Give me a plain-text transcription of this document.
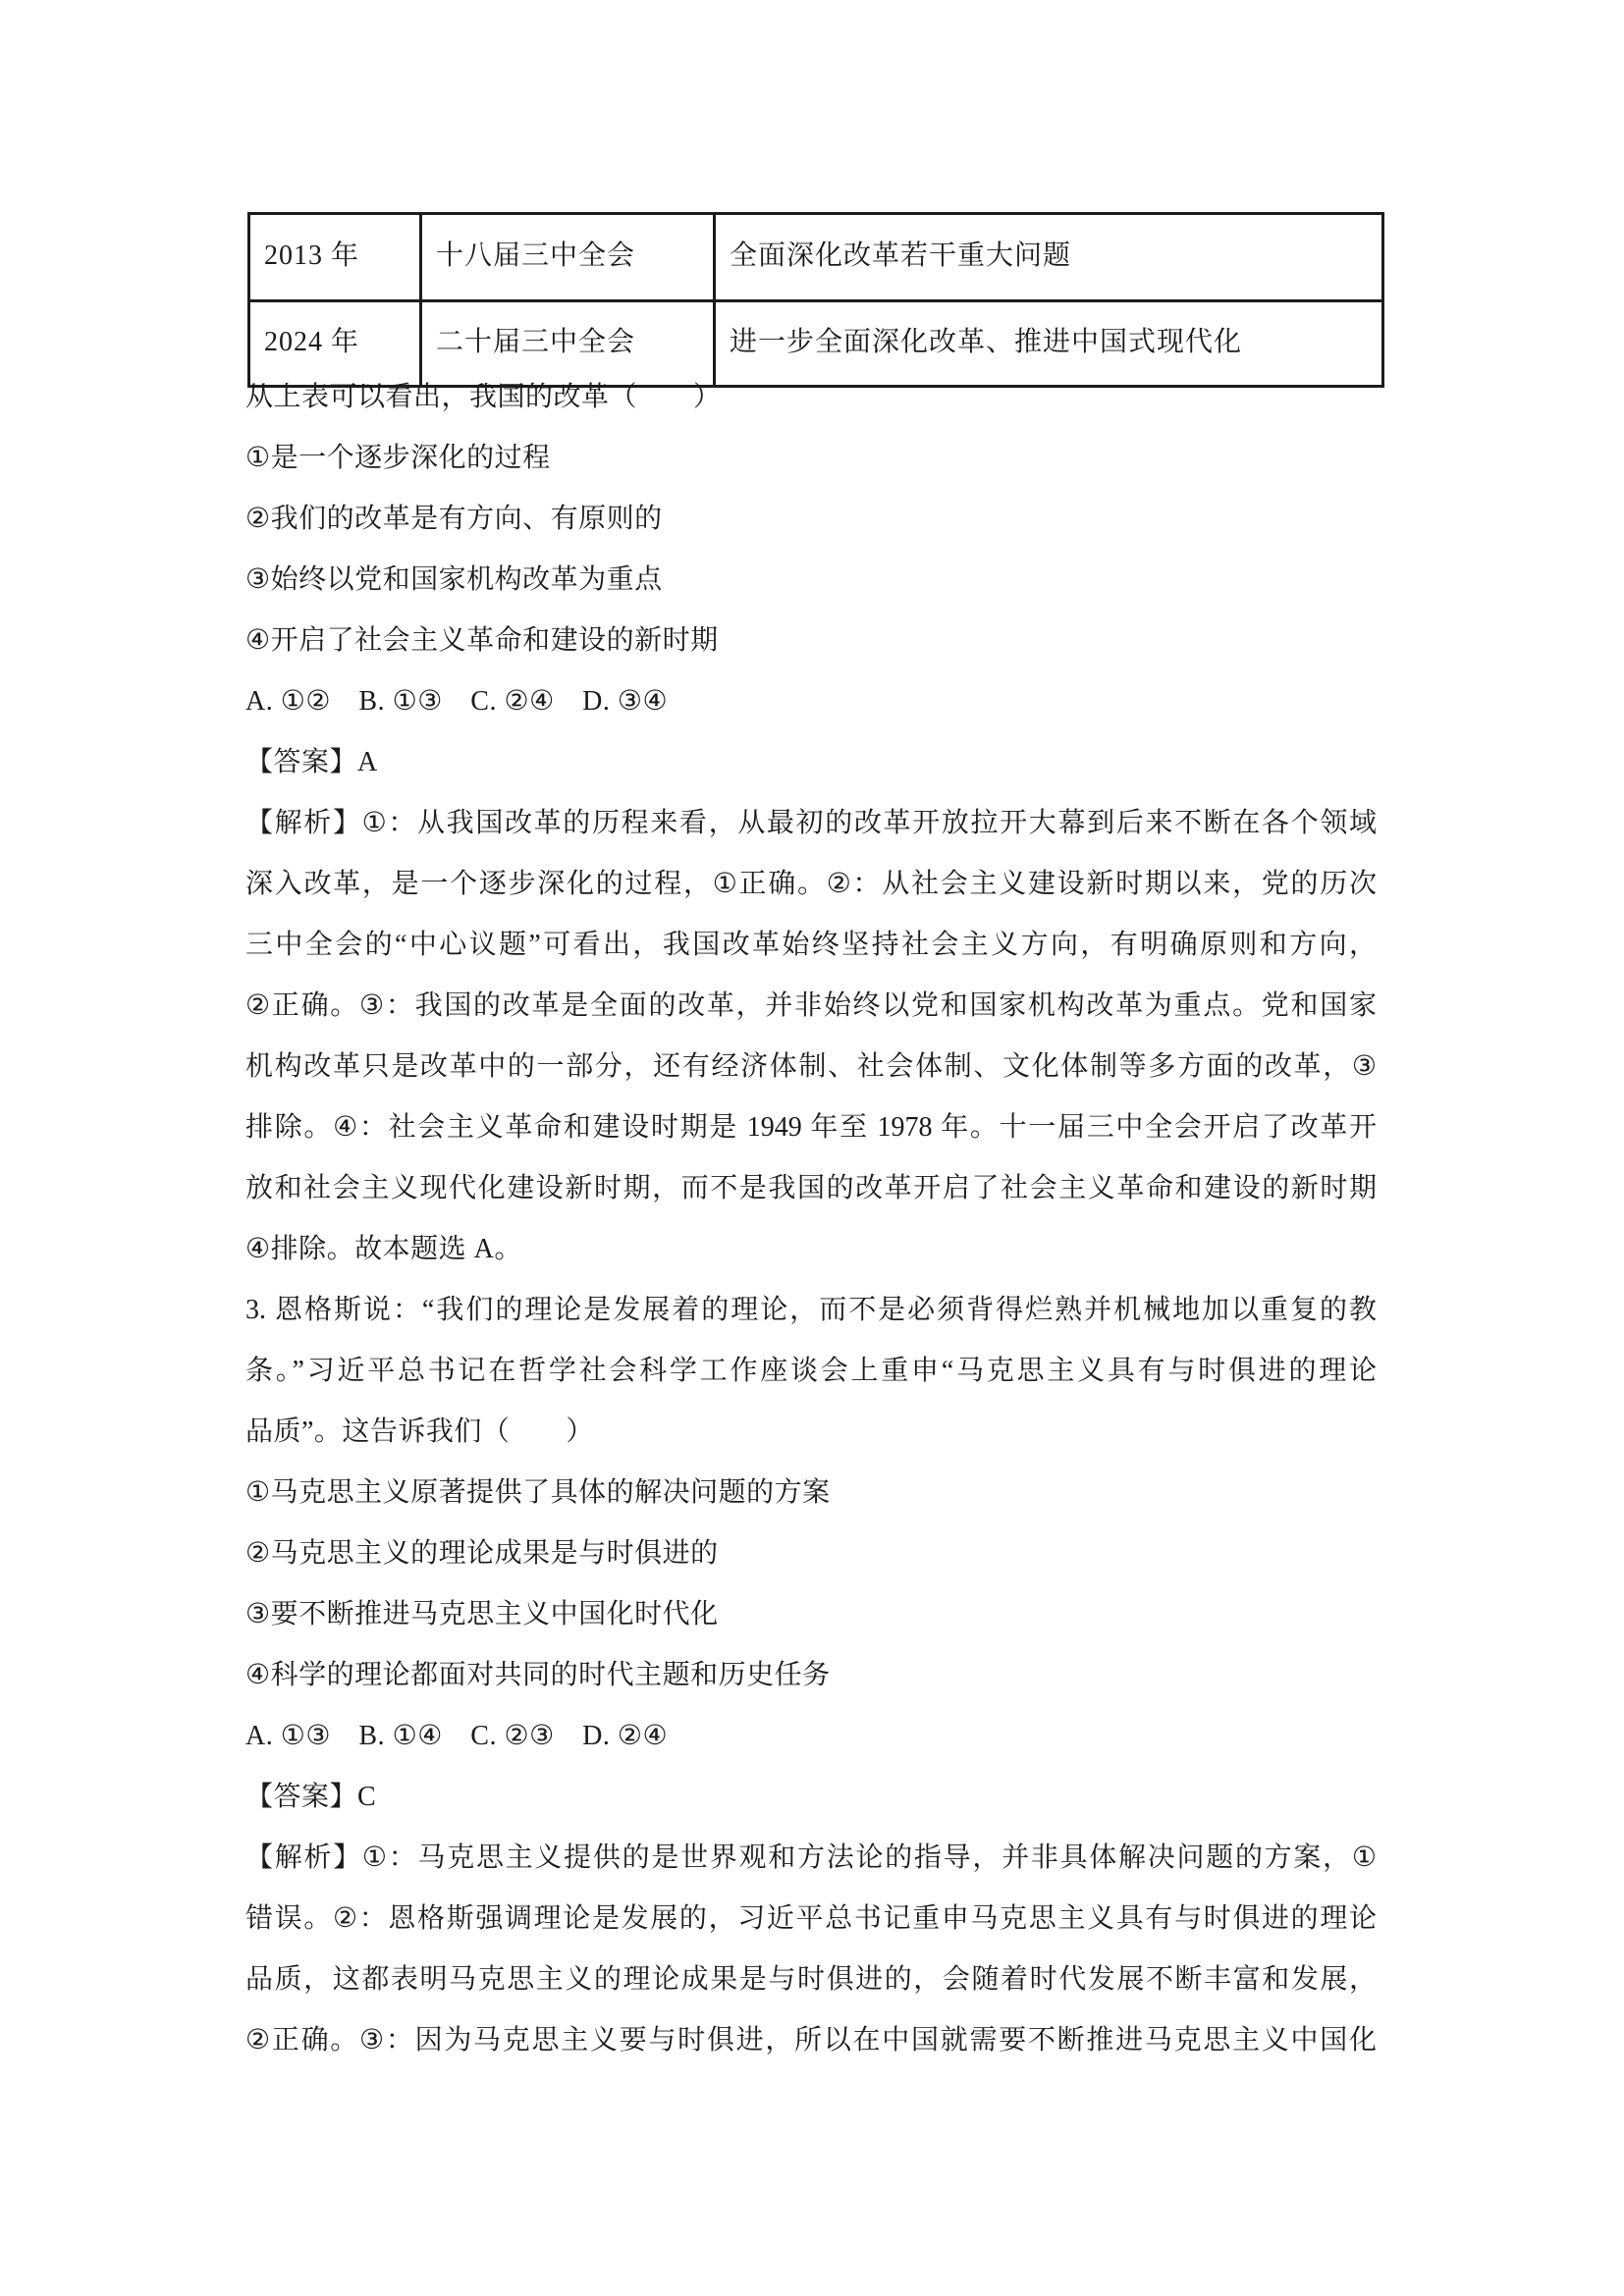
2013 年	十八届三中全会	全面深化改革若干重大问题
2024 年	二十届三中全会	进一步全面深化改革、推进中国式现代化
从上表可以看出，我国的改革（　　）
①是一个逐步深化的过程
②我们的改革是有方向、有原则的
③始终以党和国家机构改革为重点
④开启了社会主义革命和建设的新时期
A. ①②　B. ①③　C. ②④　D. ③④
【答案】A
【解析】①：从我国改革的历程来看，从最初的改革开放拉开大幕到后来不断在各个领域
深入改革，是一个逐步深化的过程，①正确。②：从社会主义建设新时期以来，党的历次
三中全会的“中心议题”可看出，我国改革始终坚持社会主义方向，有明确原则和方向，
②正确。③：我国的改革是全面的改革，并非始终以党和国家机构改革为重点。党和国家
机构改革只是改革中的一部分，还有经济体制、社会体制、文化体制等多方面的改革，③
排除。④：社会主义革命和建设时期是 1949 年至 1978 年。十一届三中全会开启了改革开
放和社会主义现代化建设新时期，而不是我国的改革开启了社会主义革命和建设的新时期
④排除。故本题选 A。
3. 恩格斯说：“我们的理论是发展着的理论，而不是必须背得烂熟并机械地加以重复的教
条。”习近平总书记在哲学社会科学工作座谈会上重申“马克思主义具有与时俱进的理论
品质”。这告诉我们（　　）
①马克思主义原著提供了具体的解决问题的方案
②马克思主义的理论成果是与时俱进的
③要不断推进马克思主义中国化时代化
④科学的理论都面对共同的时代主题和历史任务
A. ①③　B. ①④　C. ②③　D. ②④
【答案】C
【解析】①：马克思主义提供的是世界观和方法论的指导，并非具体解决问题的方案，①
错误。②：恩格斯强调理论是发展的，习近平总书记重申马克思主义具有与时俱进的理论
品质，这都表明马克思主义的理论成果是与时俱进的，会随着时代发展不断丰富和发展，
②正确。③：因为马克思主义要与时俱进，所以在中国就需要不断推进马克思主义中国化
